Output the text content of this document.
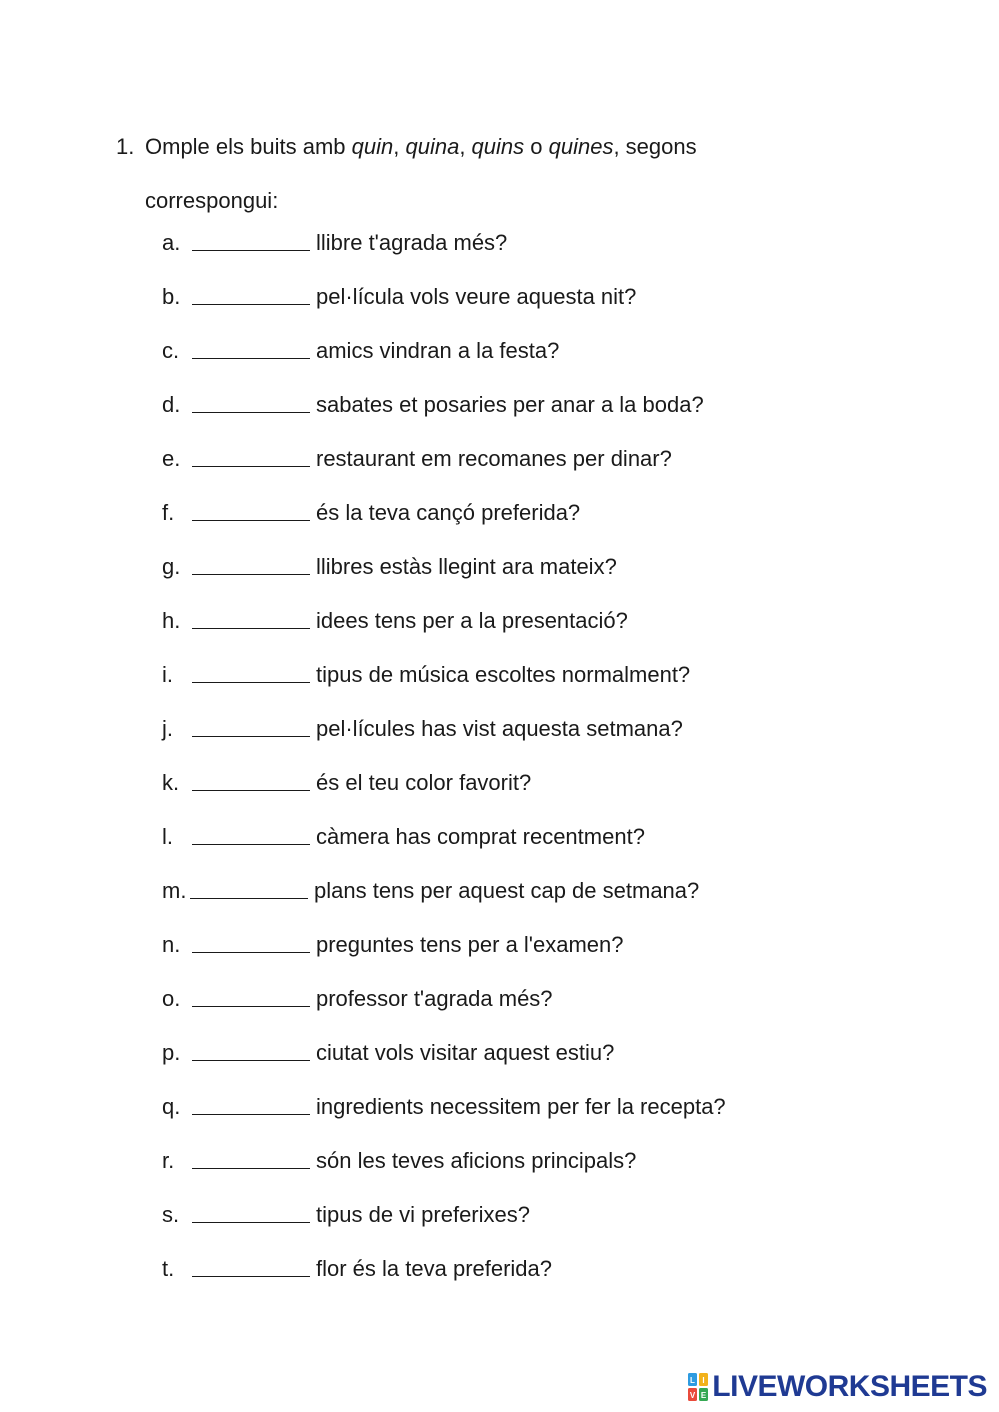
1. Omple els buits amb quin, quina, quins o quines, segons
correspongui:
a.	llibre t'agrada més?
b.	pel·lícula vols veure aquesta nit?
c.	amics vindran a la festa?
d.	sabates et posaries per anar a la boda?
e.	restaurant em recomanes per dinar?
f.	és la teva cançó preferida?
g.	llibres estàs llegint ara mateix?
h.	idees tens per a la presentació?
i.	tipus de música escoltes normalment?
j.	pel·lícules has vist aquesta setmana?
k.	és el teu color favorit?
l.	càmera has comprat recentment?
m.	plans tens per aquest cap de setmana?
n.	preguntes tens per a l'examen?
o.	professor t'agrada més?
p.	ciutat vols visitar aquest estiu?
q.	ingredients necessitem per fer la recepta?
r.	són les teves aficions principals?
s.	tipus de vi preferixes?
t.	flor és la teva preferida?
L I
V E LIVEWORKSHEETS
